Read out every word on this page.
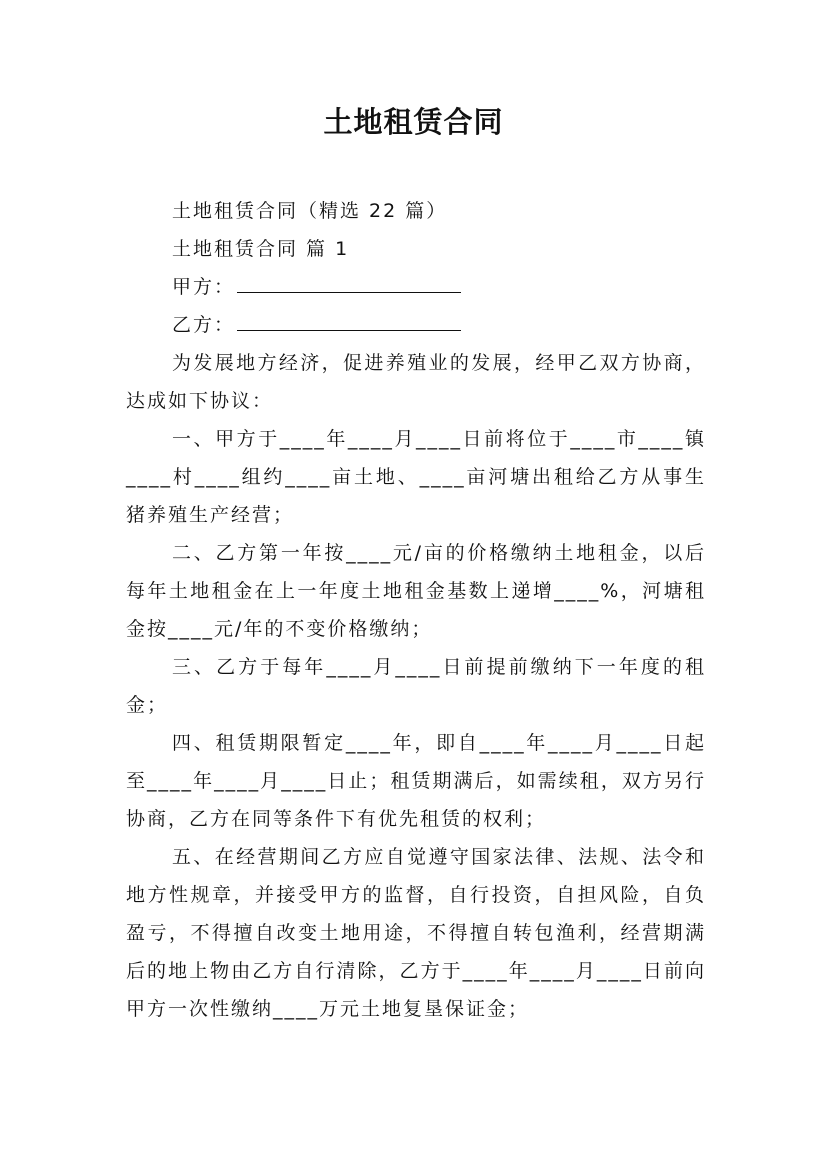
土地租赁合同

土地租赁合同（精选 22 篇）

土地租赁合同 篇 1

甲方：

乙方：

为发展地方经济，促进养殖业的发展，经甲乙双方协商，达成如下协议：

一、甲方于____年____月____日前将位于____市____镇____村____组约____亩土地、____亩河塘出租给乙方从事生猪养殖生产经营；

二、乙方第一年按____元/亩的价格缴纳土地租金，以后每年土地租金在上一年度土地租金基数上递增____%，河塘租金按____元/年的不变价格缴纳；

三、乙方于每年____月____日前提前缴纳下一年度的租金；

四、租赁期限暂定____年，即自____年____月____日起至____年____月____日止；租赁期满后，如需续租，双方另行协商，乙方在同等条件下有优先租赁的权利；

五、在经营期间乙方应自觉遵守国家法律、法规、法令和地方性规章，并接受甲方的监督，自行投资，自担风险，自负盈亏，不得擅自改变土地用途，不得擅自转包渔利，经营期满后的地上物由乙方自行清除，乙方于____年____月____日前向甲方一次性缴纳____万元土地复垦保证金；
